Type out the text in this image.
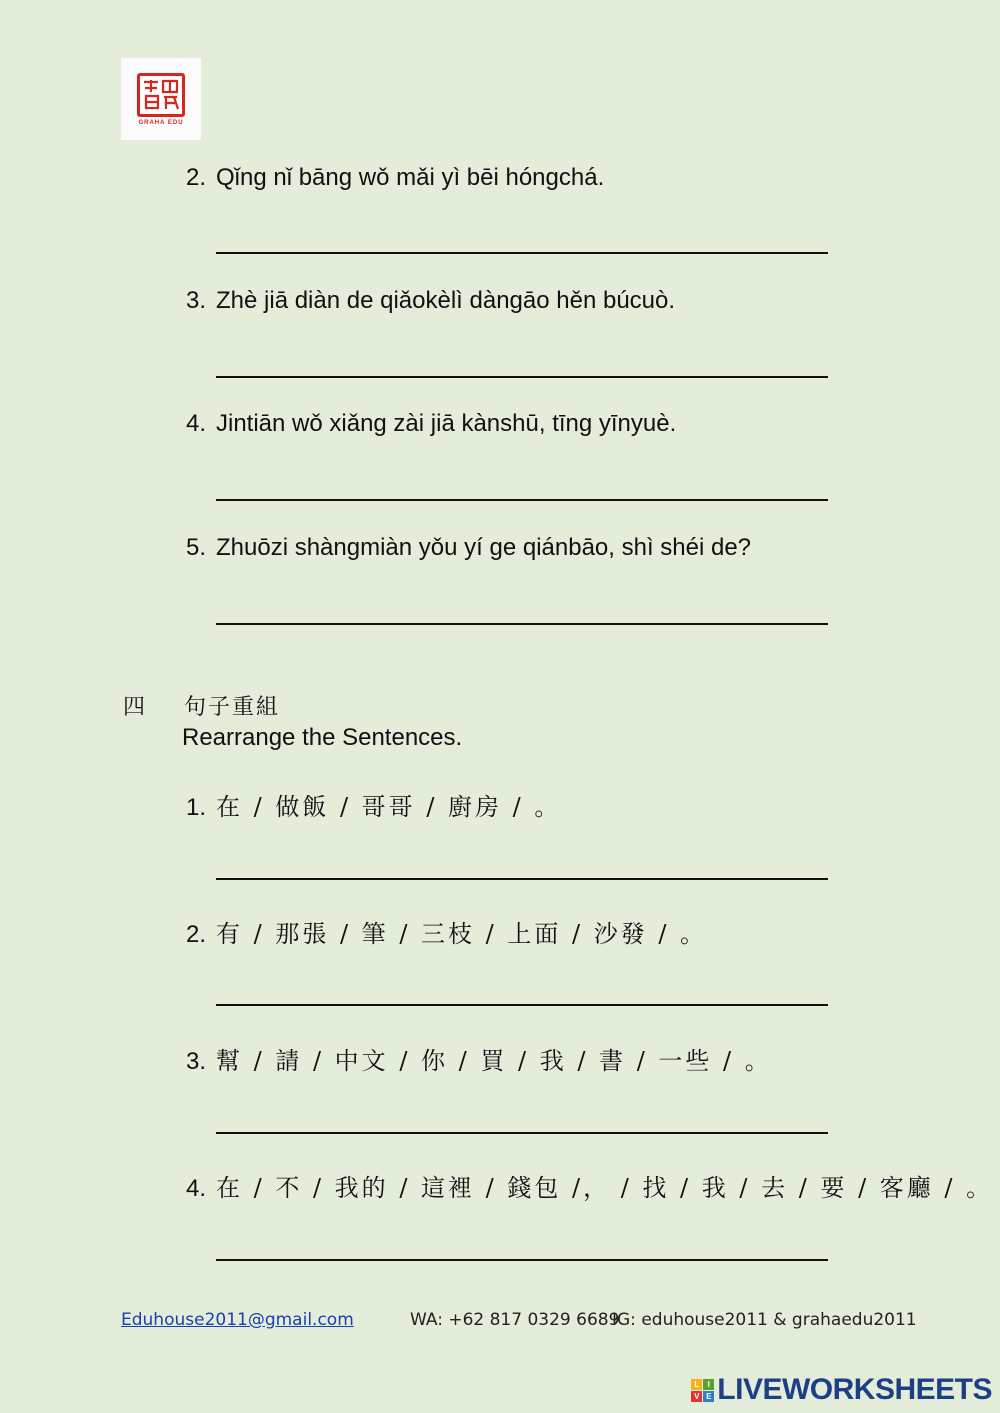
GRAHA EDU
2. Qǐng nǐ bāng wǒ mǎi yì bēi hóngchá.
3. Zhè jiā diàn de qiǎokèlì dàngāo hěn búcuò.
4. Jintiān wǒ xiǎng zài jiā kànshū, tīng yīnyuè.
5. Zhuōzi shàngmiàn yǒu yí ge qiánbāo, shì shéi de?
四 句子重組
Rearrange the Sentences.
1. 在 / 做飯 / 哥哥 / 廚房 / 。
2. 有 / 那張 / 筆 / 三枝 / 上面 / 沙發 / 。
3. 幫 / 請 / 中文 / 你 / 買 / 我 / 書 / 一些 / 。
4. 在 / 不 / 我的 / 這裡 / 錢包 /， / 找 / 我 / 去 / 要 / 客廳 / 。
Eduhouse2011@gmail.com	WA: +62 817 0329 6689
IG: eduhouse2011 & grahaedu2011
L	I
V E LIVEWORKSHEETS
